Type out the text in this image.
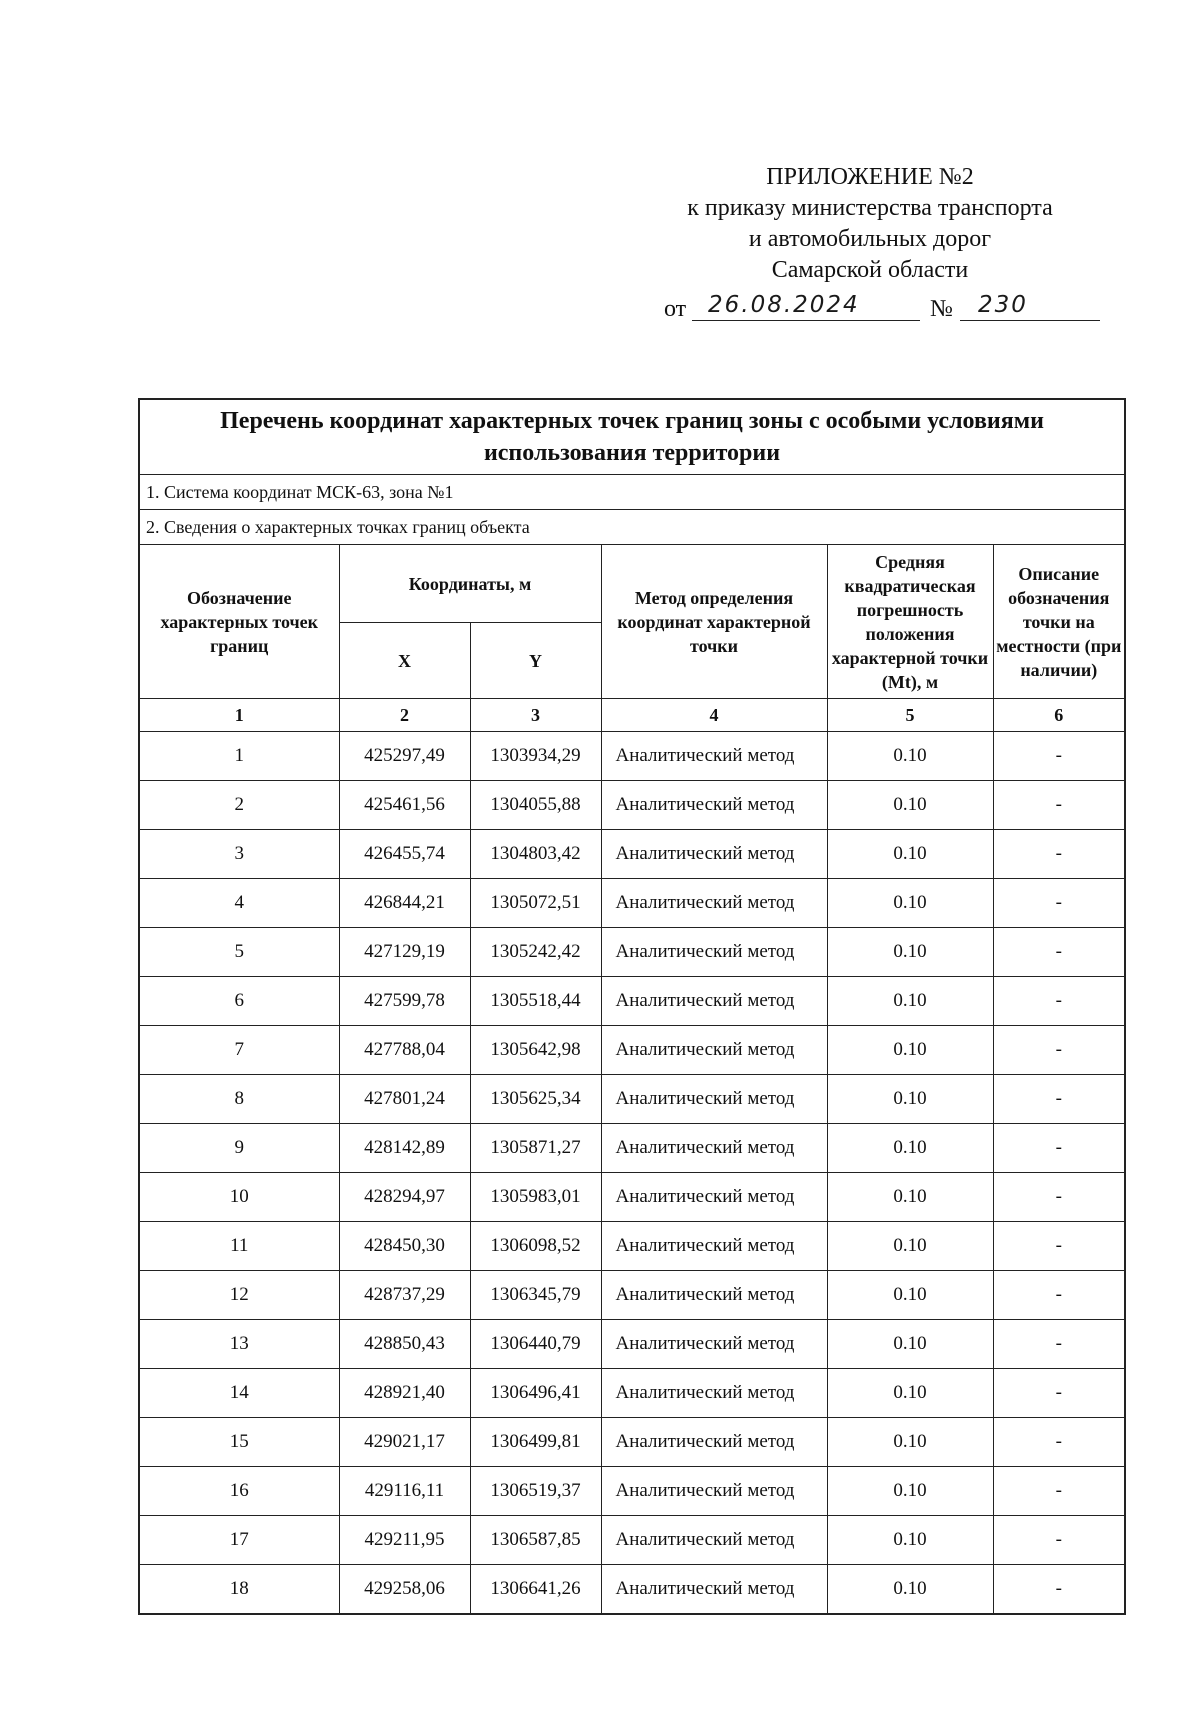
ПРИЛОЖЕНИЕ №2
к приказу министерства транспорта
и автомобильных дорог
Самарской области
от 26.08.2024	№ 230
Перечень координат характерных точек границ зоны с особыми условиями использования территории					
1. Система координат МСК-63, зона №1					
2. Сведения о характерных точках границ объекта					
Обозначение характерных точек границ	Координаты, м		Метод определения координат характерной точки	Средняя квадратическая погрешность положения характерной точки (Mt), м	Описание обозначения точки на местности (при наличии)
	X	Y			
1	2	3	4	5	6
1	425297,49	1303934,29	Аналитический метод	0.10	-
2	425461,56	1304055,88	Аналитический метод	0.10	-
3	426455,74	1304803,42	Аналитический метод	0.10	-
4	426844,21	1305072,51	Аналитический метод	0.10	-
5	427129,19	1305242,42	Аналитический метод	0.10	-
6	427599,78	1305518,44	Аналитический метод	0.10	-
7	427788,04	1305642,98	Аналитический метод	0.10	-
8	427801,24	1305625,34	Аналитический метод	0.10	-
9	428142,89	1305871,27	Аналитический метод	0.10	-
10	428294,97	1305983,01	Аналитический метод	0.10	-
11	428450,30	1306098,52	Аналитический метод	0.10	-
12	428737,29	1306345,79	Аналитический метод	0.10	-
13	428850,43	1306440,79	Аналитический метод	0.10	-
14	428921,40	1306496,41	Аналитический метод	0.10	-
15	429021,17	1306499,81	Аналитический метод	0.10	-
16	429116,11	1306519,37	Аналитический метод	0.10	-
17	429211,95	1306587,85	Аналитический метод	0.10	-
18	429258,06	1306641,26	Аналитический метод	0.10	-
